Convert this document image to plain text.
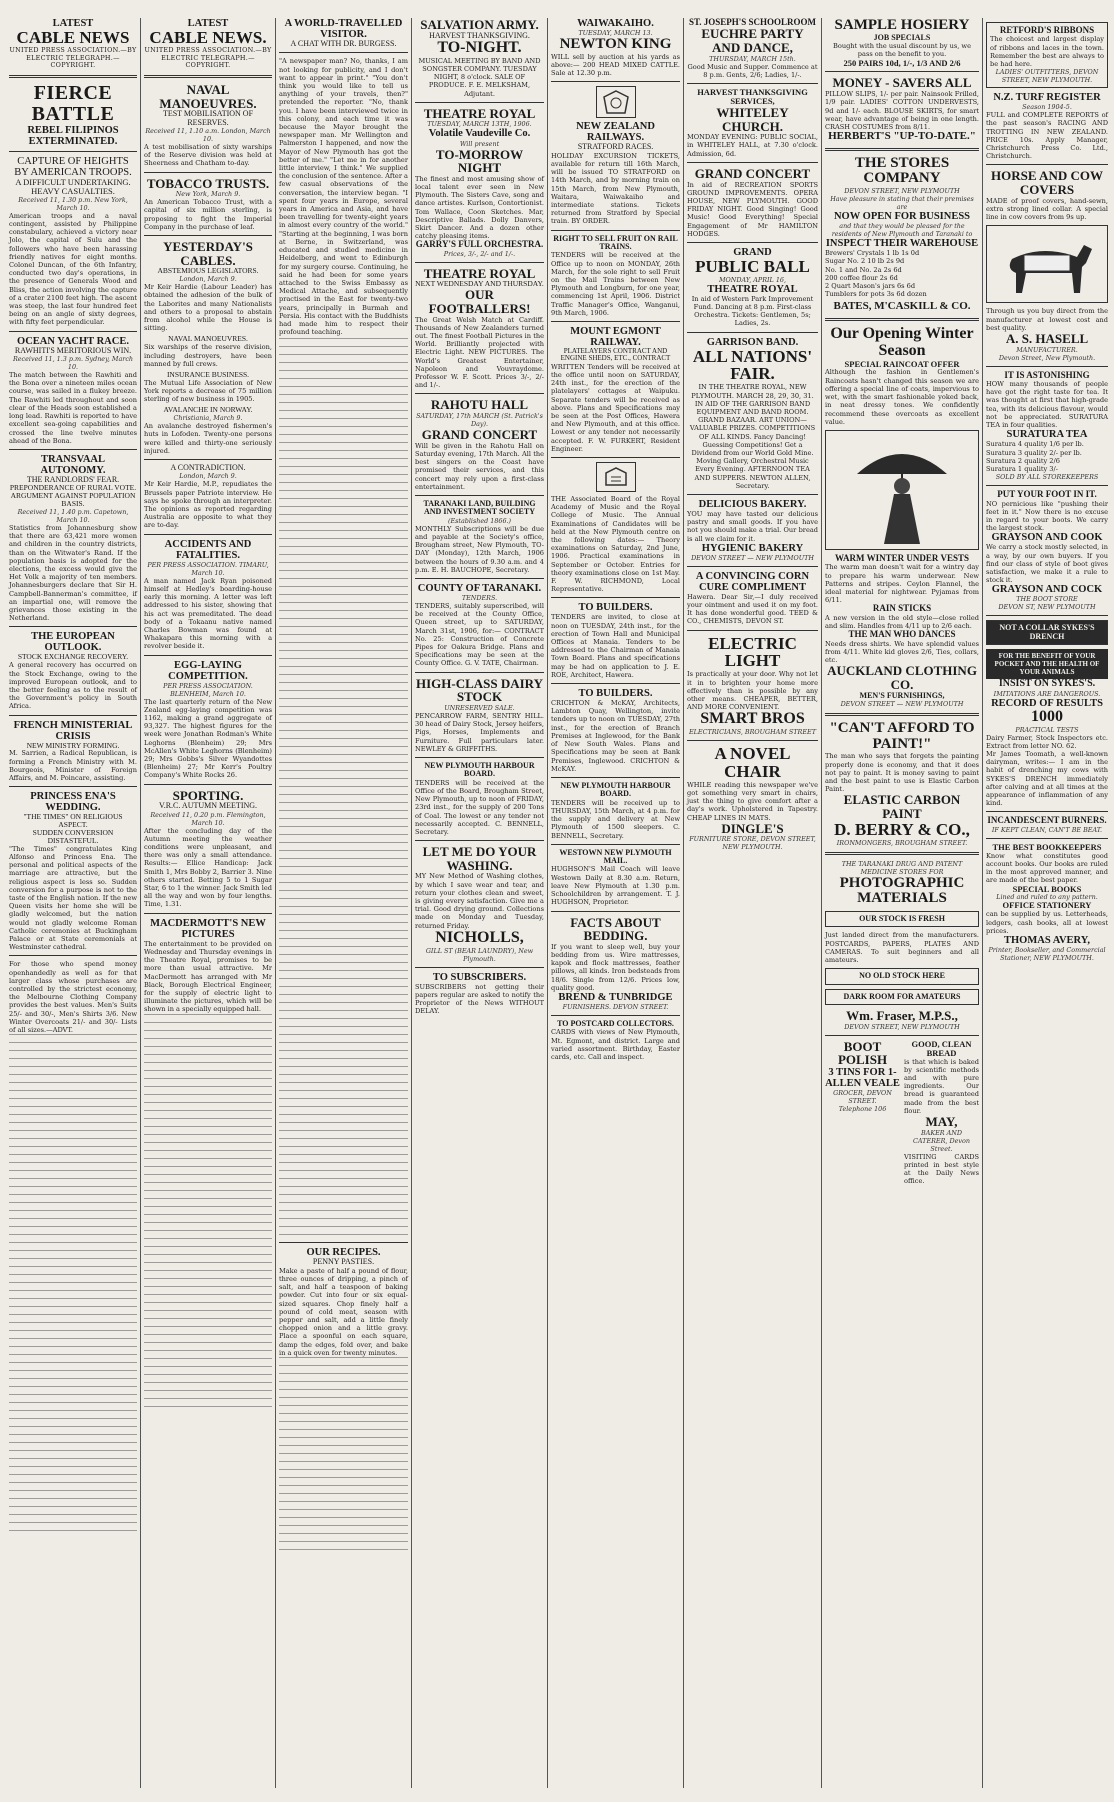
LATEST
CABLE NEWS
UNITED PRESS ASSOCIATION.—BY ELECTRIC TELEGRAPH.—COPYRIGHT.
FIERCE BATTLE
REBEL FILIPINOS EXTERMINATED.
CAPTURE OF HEIGHTS BY AMERICAN TROOPS.
A DIFFICULT UNDERTAKING.
HEAVY CASUALTIES.
Received 11, 1.30 p.m. New York, March 10.
American troops and a naval contingent, assisted by Philippine constabulary, achieved a victory near Jolo, the capital of Sulu and the followers who have been harassing friendly natives for eight months. Colonel Duncan, of the 6th Infantry, conducted two day's operations, in the presence of Generals Wood and Bliss, the action involving the capture of a crater 2100 feet high. The ascent was steep, the last four hundred feet being on an angle of sixty degrees, with fifty feet perpendicular.
OCEAN YACHT RACE.
RAWHITI'S MERITORIOUS WIN.
Received 11, 1.3 p.m. Sydney, March 10.
The match between the Rawhiti and the Bona over a nineteen miles ocean course, was sailed in a flukey breeze. The Rawhiti led throughout and soon clear of the Heads soon established a long lead. Rawhiti is reported to have excellent sea-going capabilities and crossed the line twelve minutes ahead of the Bona.
TRANSVAAL AUTONOMY.
THE RANDLORDS' FEAR.
PREPONDERANCE OF RURAL VOTE.
ARGUMENT AGAINST POPULATION BASIS.
Received 11, 1.40 p.m. Capetown, March 10.
Statistics from Johannesburg show that there are 63,421 more women and children in the country districts, than on the Witwater's Rand. If the population basis is adopted for the elections, the excess would give the Het Volk a majority of ten members. Johannesburgers declare that Sir H. Campbell-Bannerman's committee, if an impartial one, will remove the grievances those existing in the Netherland.
THE EUROPEAN OUTLOOK.
STOCK EXCHANGE RECOVERY.
A general recovery has occurred on the Stock Exchange, owing to the improved European outlook, and to the better feeling as to the result of the Government's policy in South Africa.
FRENCH MINISTERIAL CRISIS
NEW MINISTRY FORMING.
M. Sarrien, a Radical Republican, is forming a French Ministry with M. Bourgeois, Minister of Foreign Affairs, and M. Poincare, assisting.
PRINCESS ENA'S WEDDING.
"THE TIMES" ON RELIGIOUS ASPECT.
SUDDEN CONVERSION DISTASTEFUL.
"The Times" congratulates King Alfonso and Princess Ena. The personal and political aspects of the marriage are attractive, but the religious aspect is less so. Sudden conversion for a purpose is not to the taste of the English nation. If the new Queen visits her home she will be gladly welcomed, but the nation would not gladly welcome Roman Catholic ceremonies at Buckingham Palace or at State ceremonials at Westminster cathedral.
For those who spend money openhandedly as well as for that larger class whose purchases are controlled by the strictest economy, the Melbourne Clothing Company provides the best values. Men's Suits 25/- and 30/-, Men's Shirts 3/6. New Winter Overcoats 21/- and 30/- Lists of all sizes.—ADVT.
LATEST
CABLE NEWS.
UNITED PRESS ASSOCIATION.—BY ELECTRIC TELEGRAPH.—COPYRIGHT.
NAVAL MANOEUVRES.
TEST MOBILISATION OF RESERVES.
Received 11, 1.10 a.m. London, March 10.
A test mobilisation of sixty warships of the Reserve division was held at Sheerness and Chatham to-day.
TOBACCO TRUSTS.
New York, March 9.
An American Tobacco Trust, with a capital of six million sterling, is proposing to fight the Imperial Company in the purchase of leaf.
YESTERDAY'S CABLES.
ABSTEMIOUS LEGISLATORS.
London, March 9.
Mr Keir Hardie (Labour Leader) has obtained the adhesion of the bulk of the Laborites and many Nationalists and others to a proposal to abstain from alcohol while the House is sitting.
NAVAL MANOEUVRES.
Six warships of the reserve division, including destroyers, have been manned by full crews.
INSURANCE BUSINESS.
The Mutual Life Association of New York reports a decrease of 75 million sterling of new business in 1905.
AVALANCHE IN NORWAY.
Christiania, March 9.
An avalanche destroyed fishermen's huts in Lofoden. Twenty-one persons were killed and thirty-one seriously injured.
A CONTRADICTION.
London, March 9.
Mr Keir Hardie, M.P., repudiates the Brussels paper Patriote interview. He says he spoke through an interpreter. The opinions as reported regarding Australia are opposite to what they are to-day.
ACCIDENTS AND FATALITIES.
PER PRESS ASSOCIATION. TIMARU, March 10.
A man named Jack Ryan poisoned himself at Hedley's boarding-house early this morning. A letter was left addressed to his sister, showing that his act was premeditated. The dead body of a Tokaanu native named Charles Bowman was found at Whakapara this morning with a revolver beside it.
EGG-LAYING COMPETITION.
PER PRESS ASSOCIATION. BLENHEIM, March 10.
The last quarterly return of the New Zealand egg-laying competition was 1162, making a grand aggregate of 93,327. The highest figures for the week were Jonathan Rodman's White Leghorns (Blenheim) 29; Mrs McAllen's White Leghorns (Blenheim) 29; Mrs Gobbs's Silver Wyandottes (Blenheim) 27; Mr Kerr's Poultry Company's White Rocks 26.
SPORTING.
V.R.C. AUTUMN MEETING.
Received 11, 0.20 p.m. Flemington, March 10.
After the concluding day of the Autumn meeting the weather conditions were unpleasant, and there was only a small attendance. Results:— Ellice Handicap: Jack Smith 1, Mrs Bobby 2, Barrier 3. Nine others started. Betting 5 to 1 Sugar Star, 6 to 1 the winner. Jack Smith led all the way and won by four lengths. Time, 1.31.
MACDERMOTT'S NEW PICTURES
The entertainment to be provided on Wednesday and Thursday evenings in the Theatre Royal, promises to be more than usual attractive. Mr MacDermott has arranged with Mr Black, Borough Electrical Engineer, for the supply of electric light to illuminate the pictures, which will be shown in a specially equipped hall.
A WORLD-TRAVELLED VISITOR.
A CHAT WITH DR. BURGESS.
"A newspaper man? No, thanks, I am not looking for publicity, and I don't want to appear in print." "You don't think you would like to tell us anything of your travels, then?" pretended the reporter. "No, thank you. I have been interviewed twice in this colony, and each time it was because the Mayor brought the newspaper man. Mr Wellington and Palmerston I happened, and now the Mayor of New Plymouth has got the better of me." "Let me in for another little interview, I think." We supplied the conclusion of the sentence. After a few casual observations of the conversation, the interview began. "I spent four years in Europe, several years in America and Asia, and have been travelling for twenty-eight years in almost every country of the world." "Starting at the beginning, I was born at Berne, in Switzerland, was educated and studied medicine in Heidelberg, and went to Edinburgh for my surgery course. Continuing, he said he had been for some years attached to the Swiss Embassy as Medical Attache, and subsequently practised in the East for twenty-two years, principally in Burmah and Persia. His contact with the Buddhists had made him to respect their profound teaching.
OUR RECIPES.
PENNY PASTIES.
Make a paste of half a pound of flour, three ounces of dripping, a pinch of salt, and half a teaspoon of baking powder. Cut into four or six equal-sized squares. Chop finely half a pound of cold meat, season with pepper and salt, add a little finely chopped onion and a little gravy. Place a spoonful on each square, damp the edges, fold over, and bake in a quick oven for twenty minutes.
SALVATION ARMY.
HARVEST THANKSGIVING.
TO-NIGHT.
MUSICAL MEETING BY BAND AND SONGSTER COMPANY. TUESDAY NIGHT, 8 o'clock. SALE OF PRODUCE. F. E. MELKSHAM, Adjutant.
THEATRE ROYAL
TUESDAY, MARCH 13TH, 1906.
Volatile Vaudeville Co.
Will present
TO-MORROW NIGHT
The finest and most amusing show of local talent ever seen in New Plymouth. The Sisters Cave, song and dance artistes. Kurlson, Contortionist. Tom Wallace, Coon Sketches. Mar, Descriptive Ballads. Dolly Danvers, Skirt Dancer. And a dozen other catchy pleasing items.
GARRY'S FULL ORCHESTRA.
Prices, 3/-, 2/- and 1/-.
THEATRE ROYAL
NEXT WEDNESDAY AND THURSDAY.
OUR FOOTBALLERS!
The Great Welsh Match at Cardiff. Thousands of New Zealanders turned out. The finest Football Pictures in the World. Brilliantly projected with Electric Light. NEW PICTURES. The World's Greatest Entertainer, Napoleon and Vouvraydome. Professor W. F. Scott. Prices 3/-, 2/- and 1/-.
RAHOTU HALL
SATURDAY, 17th MARCH (St. Patrick's Day).
GRAND CONCERT
Will be given in the Rahotu Hall on Saturday evening, 17th March. All the best singers on the Coast have promised their services, and this concert may rely upon a first-class entertainment.
TARANAKI LAND, BUILDING AND INVESTMENT SOCIETY
(Established 1866.)
MONTHLY Subscriptions will be due and payable at the Society's office, Brougham street, New Plymouth, TO-DAY (Monday), 12th March, 1906 between the hours of 9.30 a.m. and 4 p.m. E. H. BAUCHOPE, Secretary.
COUNTY OF TARANAKI.
TENDERS.
TENDERS, suitably superscribed, will be received at the County Office, Queen street, up to SATURDAY, March 31st, 1906, for:— CONTRACT No. 25: Construction of Concrete Pipes for Oakura Bridge. Plans and Specifications may be seen at the County Office. G. V. TATE, Chairman.
HIGH-CLASS DAIRY STOCK
UNRESERVED SALE.
PENCARROW FARM, SENTRY HILL. 30 head of Dairy Stock, Jersey heifers, Pigs, Horses, Implements and Furniture. Full particulars later. NEWLEY & GRIFFITHS.
NEW PLYMOUTH HARBOUR BOARD.
TENDERS will be received at the Office of the Board, Brougham Street, New Plymouth, up to noon of FRIDAY, 23rd inst., for the supply of 200 Tons of Coal. The lowest or any tender not necessarily accepted. C. BENNELL, Secretary.
LET ME DO YOUR WASHING.
MY New Method of Washing clothes, by which I save wear and tear, and return your clothes clean and sweet, is giving every satisfaction. Give me a trial. Good drying ground. Collections made on Monday and Tuesday, returned Friday.
NICHOLLS,
GILL ST (BEAR LAUNDRY), New Plymouth.
TO SUBSCRIBERS.
SUBSCRIBERS not getting their papers regular are asked to notify the Proprietor of the News WITHOUT DELAY.
WAIWAKAIHO.
TUESDAY, MARCH 13.
NEWTON KING
WILL sell by auction at his yards as above:— 200 HEAD MIXED CATTLE. Sale at 12.30 p.m.
NEW ZEALAND RAILWAYS.
STRATFORD RACES.
HOLIDAY EXCURSION TICKETS, available for return till 16th March, will be issued TO STRATFORD on 14th March, and by morning train on 15th March, from New Plymouth, Waitara, Waiwakaiho and intermediate stations. Tickets returned from Stratford by Special train. BY ORDER.
RIGHT TO SELL FRUIT ON RAIL TRAINS.
TENDERS will be received at the Office up to noon on MONDAY, 26th March, for the sole right to sell Fruit on the Mail Trains between New Plymouth and Longburn, for one year, commencing 1st April, 1906. District Traffic Manager's Office, Wanganui, 9th March, 1906.
MOUNT EGMONT RAILWAY.
PLATELAYERS CONTRACT AND ENGINE SHEDS, ETC., CONTRACT
WRITTEN Tenders will be received at the office until noon on SATURDAY, 24th inst., for the erection of the platelayers' cottages at Waipuku. Separate tenders will be received as above. Plans and Specifications may be seen at the Post Offices, Hawera and New Plymouth, and at this office. Lowest or any tender not necessarily accepted. F. W. FURKERT, Resident Engineer.
THE Associated Board of the Royal Academy of Music and the Royal College of Music. The Annual Examinations of Candidates will be held at the New Plymouth centre on the following dates:— Theory examinations on Saturday, 2nd June, 1906. Practical examinations in September or October. Entries for theory examinations close on 1st May. F. W. RICHMOND, Local Representative.
TO BUILDERS.
TENDERS are invited, to close at noon on TUESDAY, 24th inst., for the erection of Town Hall and Municipal Offices at Manaia. Tenders to be addressed to the Chairman of Manaia Town Board. Plans and specifications may be had on application to J. E. ROE, Architect, Hawera.
TO BUILDERS.
CRICHTON & McKAY, Architects, Lambton Quay, Wellington, invite tenders up to noon on TUESDAY, 27th inst., for the erection of Branch Premises at Inglewood, for the Bank of New South Wales. Plans and Specifications may be seen at Bank Premises, Inglewood. CRICHTON & McKAY.
NEW PLYMOUTH HARBOUR BOARD.
TENDERS will be received up to THURSDAY, 15th March, at 4 p.m. for the supply and delivery at New Plymouth of 1500 sleepers. C. BENNELL, Secretary.
WESTOWN NEW PLYMOUTH MAIL.
HUGHSON'S Mail Coach will leave Westown Daily at 8.30 a.m. Return, leave New Plymouth at 1.30 p.m. Schoolchildren by arrangement. T. J. HUGHSON, Proprietor.
FACTS ABOUT BEDDING.
If you want to sleep well, buy your bedding from us. Wire mattresses, kapok and flock mattresses, feather pillows, all kinds. Iron bedsteads from 18/6. Single from 12/6. Prices low, quality good.
BREND & TUNBRIDGE
FURNISHERS. DEVON STREET.
TO POSTCARD COLLECTORS.
CARDS with views of New Plymouth, Mt. Egmont, and district. Large and varied assortment. Birthday, Easter cards, etc. Call and inspect.
ST. JOSEPH'S SCHOOLROOM
EUCHRE PARTY AND DANCE,
THURSDAY, MARCH 15th.
Good Music and Supper. Commence at 8 p.m. Gents, 2/6; Ladies, 1/-.
HARVEST THANKSGIVING SERVICES,
WHITELEY CHURCH.
MONDAY EVENING: PUBLIC SOCIAL, in WHITELEY HALL, at 7.30 o'clock. Admission, 6d.
GRAND CONCERT
In aid of RECREATION SPORTS GROUND IMPROVEMENTS. OPERA HOUSE, NEW PLYMOUTH. GOOD FRIDAY NIGHT. Good Singing! Good Music! Good Everything! Special Engagement of Mr HAMILTON HODGES.
GRAND
PUBLIC BALL
MONDAY, APRIL 16,
THEATRE ROYAL
In aid of Western Park Improvement Fund. Dancing at 8 p.m. First-class Orchestra. Tickets: Gentlemen, 5s; Ladies, 2s.
GARRISON BAND.
ALL NATIONS' FAIR.
IN THE THEATRE ROYAL, NEW PLYMOUTH. MARCH 28, 29, 30, 31. IN AID OF THE GARRISON BAND EQUIPMENT AND BAND ROOM. GRAND BAZAAR. ART UNION—VALUABLE PRIZES. COMPETITIONS OF ALL KINDS. Fancy Dancing! Guessing Competitions! Get a Dividend from our World Gold Mine. Moving Gallery, Orchestral Music Every Evening. AFTERNOON TEA AND SUPPERS. NEWTON ALLEN, Secretary.
DELICIOUS BAKERY.
YOU may have tasted our delicious pastry and small goods. If you have not you should make a trial. Our bread is all we claim for it.
HYGIENIC BAKERY
DEVON STREET — NEW PLYMOUTH
A CONVINCING CORN CURE COMPLIMENT
Hawera. Dear Sir,—I duly received your ointment and used it on my foot. It has done wonderful good. TEED & CO., CHEMISTS, DEVON ST.
ELECTRIC LIGHT
Is practically at your door. Why not let it in to brighten your home more effectively than is possible by any other means. CHEAPER, BETTER, AND MORE CONVENIENT.
SMART BROS
ELECTRICIANS, BROUGHAM STREET
A NOVEL CHAIR
WHILE reading this newspaper we've got something very smart in chairs, just the thing to give comfort after a day's work. Upholstered in Tapestry. CHEAP LINES IN MATS.
DINGLE'S
FURNITURE STORE, DEVON STREET, NEW PLYMOUTH.
SAMPLE HOSIERY
JOB SPECIALS
Bought with the usual discount by us, we pass on the benefit to you.
250 PAIRS 10d, 1/-, 1/3 AND 2/6
MONEY - SAVERS ALL
PILLOW SLIPS, 1/- per pair. Nainsook Frilled, 1/9 pair. LADIES' COTTON UNDERVESTS, 9d and 1/- each. BLOUSE SKIRTS, for smart wear, have advantage of being in one length. CRASH COSTUMES from 8/11.
HERBERT'S "UP-TO-DATE."
THE STORES COMPANY
DEVON STREET, NEW PLYMOUTH
Have pleasure in stating that their premises are
NOW OPEN FOR BUSINESS
and that they would be pleased for the residents of New Plymouth and Taranaki to
INSPECT THEIR WAREHOUSE
Brewers' Crystals 1 lb 1s 0d
Sugar No. 2 10 lb 2s 9d
No. 1 and No. 2a 2s 6d
200 coffee flour 2s 6d
2 Quart Mason's jars 6s 6d
Tumblers for pots 3s 6d dozen
BATES, M'CASKILL & CO.
Our Opening Winter Season
SPECIAL RAINCOAT OFFER
Although the fashion in Gentlemen's Raincoats hasn't changed this season we are offering a special line of coats, impervious to wet, with the smart fashionable yoked back, in neat dressy tones. We confidently recommend these overcoats as excellent value.
WARM WINTER UNDER VESTS
The warm man doesn't wait for a wintry day to prepare his warm underwear. New Patterns and stripes. Ceylon Flannel, the ideal material for nightwear. Pyjamas from 6/11.
RAIN STICKS
A new version in the old style—close rolled and slim. Handles from 4/11 up to 2/6 each.
THE MAN WHO DANCES
Needs dress shirts. We have splendid values from 4/11. White kid gloves 2/6, Ties, collars, etc.
AUCKLAND CLOTHING CO.
MEN'S FURNISHINGS,
DEVON STREET — NEW PLYMOUTH
"CAN'T AFFORD TO PAINT!"
The man who says that forgets the painting properly done is economy, and that it does not pay to paint. It is money saving to paint and the best paint to use is Elastic Carbon Paint.
ELASTIC CARBON PAINT
D. BERRY & CO.,
IRONMONGERS, BROUGHAM STREET.
THE TARANAKI DRUG AND PATENT MEDICINE STORES FOR
PHOTOGRAPHIC MATERIALS
OUR STOCK IS FRESH
Just landed direct from the manufacturers. POSTCARDS, PAPERS, PLATES AND CAMERAS. To suit beginners and all amateurs.
NO OLD STOCK HERE
DARK ROOM FOR AMATEURS
Wm. Fraser, M.P.S.,
DEVON STREET, NEW PLYMOUTH
BOOT POLISH
3 TINS FOR 1-
ALLEN VEALE
GROCER, DEVON STREET.
Telephone 106
GOOD, CLEAN BREAD
is that which is baked by scientific methods and with pure ingredients. Our bread is guaranteed made from the best flour.
MAY,
BAKER AND CATERER, Devon Street.
VISITING CARDS printed in best style at the Daily News office.
RETFORD'S RIBBONS
The choicest and largest display of ribbons and laces in the town. Remember the best are always to be had here.
LADIES' OUTFITTERS, DEVON STREET, NEW PLYMOUTH.
N.Z. TURF REGISTER
Season 1904-5.
FULL and COMPLETE REPORTS of the past season's RACING AND TROTTING IN NEW ZEALAND. PRICE 10s. Apply Manager, Christchurch Press Co. Ltd., Christchurch.
HORSE AND COW COVERS
MADE of proof covers, hand-sewn, extra strong lined collar. A special line in cow covers from 9s up.
Through us you buy direct from the manufacturer at lowest cost and best quality.
A. S. HASELL
MANUFACTURER.
Devon Street, New Plymouth.
IT IS ASTONISHING
HOW many thousands of people have got the right taste for tea. It was thought at first that high-grade tea, with its delicious flavour, would not be appreciated. SURATURA TEA in four qualities.
SURATURA TEA
Suratura 4 quality 1/6 per lb.
Suratura 3 quality 2/- per lb.
Suratura 2 quality 2/6
Suratura 1 quality 3/-
SOLD BY ALL STOREKEEPERS
PUT YOUR FOOT IN IT.
NO pernicious like "pushing their feet in it." Now there is no excuse in regard to your boots. We carry the largest stock.
GRAYSON AND COOK
We carry a stock mostly selected, in a way, by our own buyers. If you find our class of style of boot gives satisfaction, we make it a rule to stock it.
GRAYSON AND COCK
THE BOOT STORE
DEVON ST, NEW PLYMOUTH
NOT A COLLAR SYKES'S DRENCH
FOR THE BENEFIT OF YOUR POCKET AND THE HEALTH OF YOUR ANIMALS
INSIST ON SYKES'S.
IMITATIONS ARE DANGEROUS.
RECORD OF RESULTS
1000
PRACTICAL TESTS
Dairy Farmer, Stock Inspectors etc. Extract from letter NO. 62.
Mr James Toomath, a well-known dairyman, writes:— I am in the habit of drenching my cows with SYKES'S DRENCH immediately after calving and at all times at the appearance of inflammation of any kind.
INCANDESCENT BURNERS.
IF KEPT CLEAN, CAN'T BE BEAT.
THE BEST BOOKKEEPERS
Know what constitutes good account books. Our books are ruled in the most approved manner, and are made of the best paper.
SPECIAL BOOKS
Lined and ruled to any pattern.
OFFICE STATIONERY
can be supplied by us. Letterheads, ledgers, cash books, all at lowest prices.
THOMAS AVERY,
Printer, Bookseller, and Commercial Stationer, NEW PLYMOUTH.
